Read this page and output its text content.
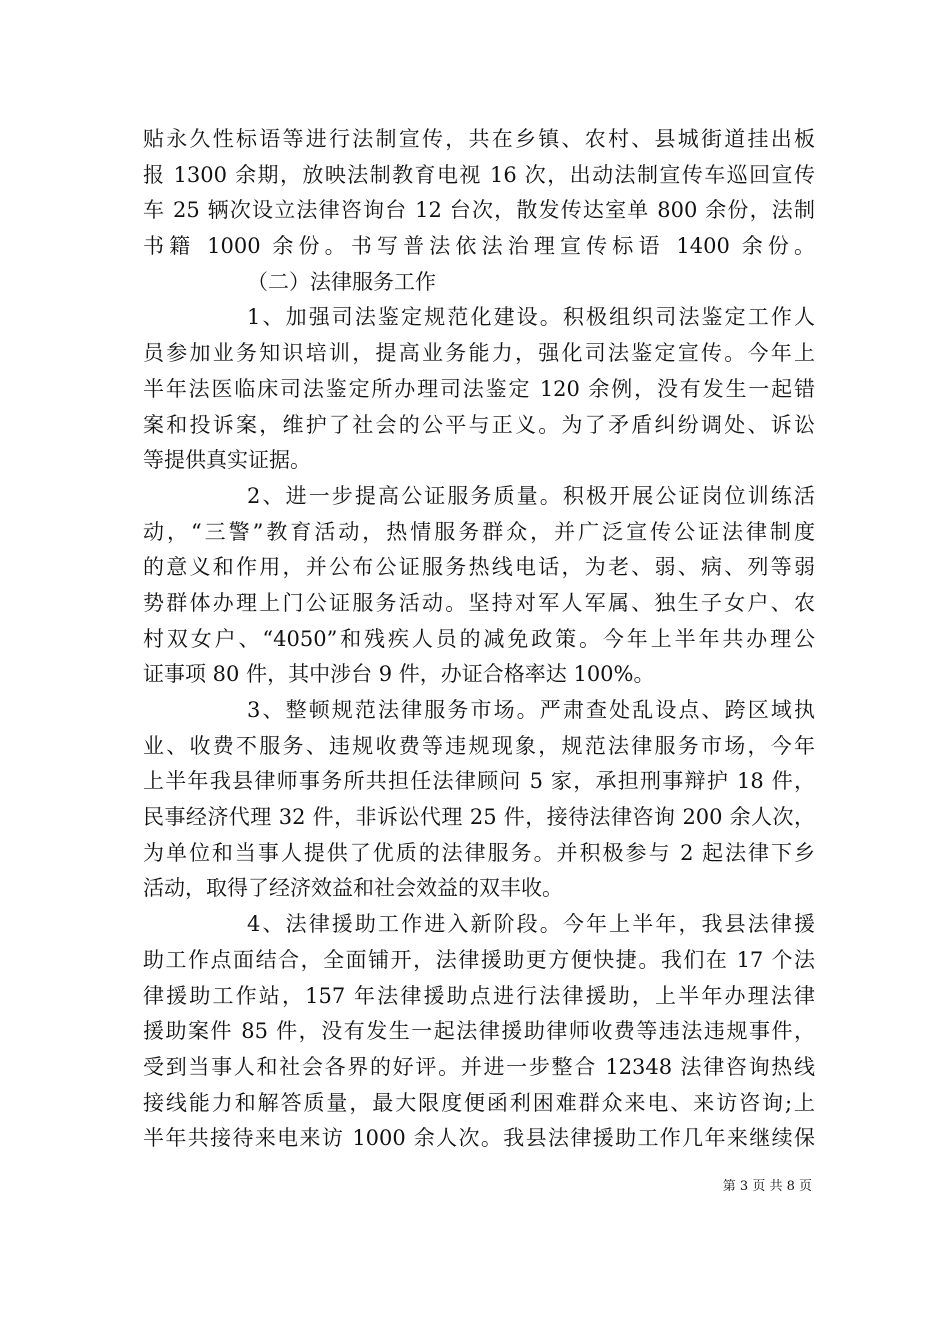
贴永久性标语等进行法制宣传，共在乡镇、农村、县城街道挂出板
报 1300 余期，放映法制教育电视 16 次，出动法制宣传车巡回宣传
车 25 辆次设立法律咨询台 12 台次，散发传达室单 800 余份，法制
书籍 1000 余份。书写普法依法治理宣传标语 1400 余份。
（二）法律服务工作
1、加强司法鉴定规范化建设。积极组织司法鉴定工作人
员参加业务知识培训，提高业务能力，强化司法鉴定宣传。今年上
半年法医临床司法鉴定所办理司法鉴定 120 余例，没有发生一起错
案和投诉案，维护了社会的公平与正义。为了矛盾纠纷调处、诉讼
等提供真实证据。
2、进一步提高公证服务质量。积极开展公证岗位训练活
动，“三警”教育活动，热情服务群众，并广泛宣传公证法律制度
的意义和作用，并公布公证服务热线电话，为老、弱、病、列等弱
势群体办理上门公证服务活动。坚持对军人军属、独生子女户、农
村双女户、“4050”和残疾人员的减免政策。今年上半年共办理公
证事项 80 件，其中涉台 9 件，办证合格率达 100%。
3、整顿规范法律服务市场。严肃查处乱设点、跨区域执
业、收费不服务、违规收费等违规现象，规范法律服务市场，今年
上半年我县律师事务所共担任法律顾问 5 家，承担刑事辩护 18 件，
民事经济代理 32 件，非诉讼代理 25 件，接待法律咨询 200 余人次，
为单位和当事人提供了优质的法律服务。并积极参与 2 起法律下乡
活动，取得了经济效益和社会效益的双丰收。
4、法律援助工作进入新阶段。今年上半年，我县法律援
助工作点面结合，全面铺开，法律援助更方便快捷。我们在 17 个法
律援助工作站，157 年法律援助点进行法律援助，上半年办理法律
援助案件 85 件，没有发生一起法律援助律师收费等违法违规事件，
受到当事人和社会各界的好评。并进一步整合 12348 法律咨询热线
接线能力和解答质量，最大限度便函利困难群众来电、来访咨询;上
半年共接待来电来访 1000 余人次。我县法律援助工作几年来继续保
第 3 页 共 8 页
